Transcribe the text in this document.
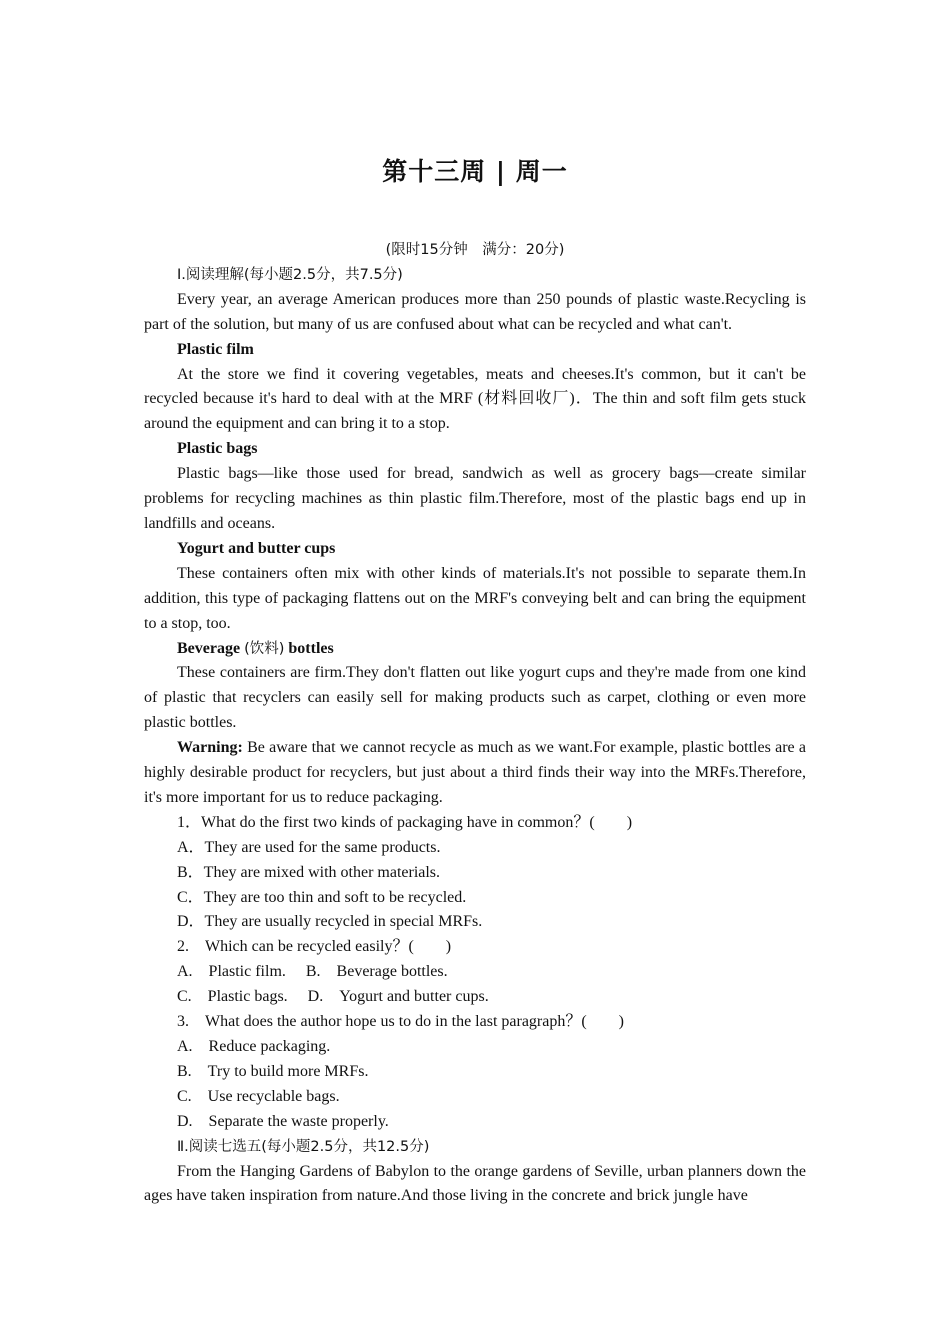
第十三周 | 周一

(限时15分钟　满分：20分)

Ⅰ.阅读理解(每小题2.5分，共7.5分)

Every year, an average American produces more than 250 pounds of plastic waste.Recycling is part of the solution, but many of us are confused about what can be recycled and what can't.

Plastic film

At the store we find it covering vegetables, meats and cheeses.It's common, but it can't be recycled because it's hard to deal with at the MRF (材料回收厂)．The thin and soft film gets stuck around the equipment and can bring it to a stop.

Plastic bags

Plastic bags—like those used for bread, sandwich as well as grocery bags—create similar problems for recycling machines as thin plastic film.Therefore, most of the plastic bags end up in landfills and oceans.

Yogurt and butter cups

These containers often mix with other kinds of materials.It's not possible to separate them.In addition, this type of packaging flattens out on the MRF's conveying belt and can bring the equipment to a stop, too.

Beverage (饮料) bottles

These containers are firm.They don't flatten out like yogurt cups and they're made from one kind of plastic that recyclers can easily sell for making products such as carpet, clothing or even more plastic bottles.

Warning: Be aware that we cannot recycle as much as we want.For example, plastic bottles are a highly desirable product for recyclers, but just about a third finds their way into the MRFs.Therefore, it's more important for us to reduce packaging.

1．What do the first two kinds of packaging have in common？(　　)

A．They are used for the same products.

B．They are mixed with other materials.

C．They are too thin and soft to be recycled.

D．They are usually recycled in special MRFs.

2.　Which can be recycled easily？(　　)

A.　Plastic film.　 B.　Beverage bottles.

C.　Plastic bags.　 D.　Yogurt and butter cups.

3.　What does the author hope us to do in the last paragraph？(　　)

A.　Reduce packaging.

B.　Try to build more MRFs.

C.　Use recyclable bags.

D.　Separate the waste properly.

Ⅱ.阅读七选五(每小题2.5分，共12.5分)

From the Hanging Gardens of Babylon to the orange gardens of Seville, urban planners down the ages have taken inspiration from nature.And those living in the concrete and brick jungle have
